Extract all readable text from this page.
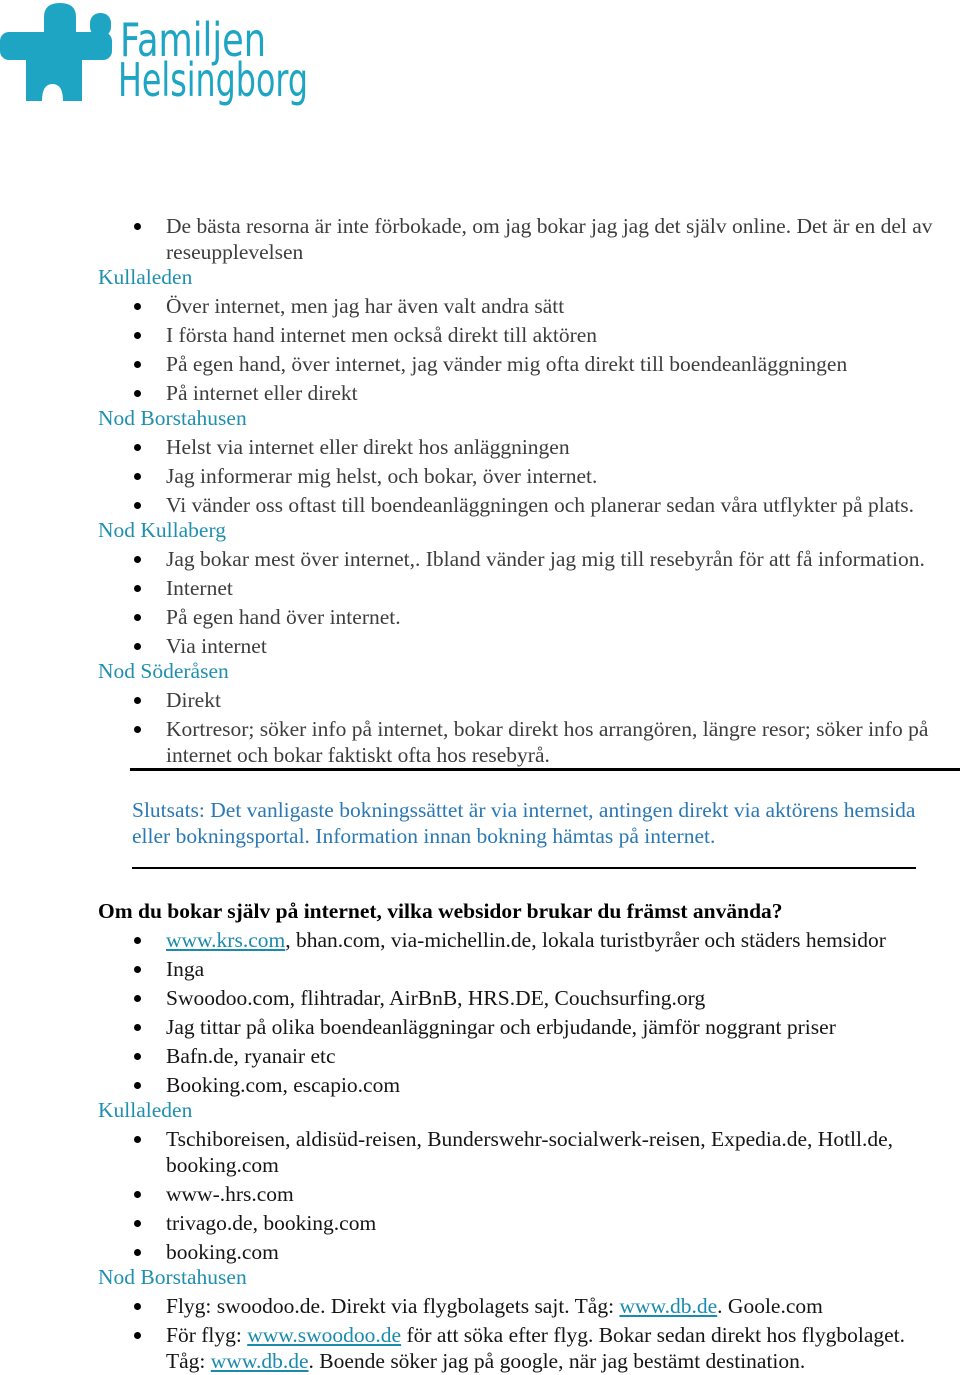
Familjen
Helsingborg
De bästa resorna är inte förbokade, om jag bokar jag jag det själv online. Det är en del av
reseupplevelsen
Kullaleden
Över internet, men jag har även valt andra sätt
I första hand internet men också direkt till aktören
På egen hand, över internet, jag vänder mig ofta direkt till boendeanläggningen
På internet eller direkt
Nod Borstahusen
Helst via internet eller direkt hos anläggningen
Jag informerar mig helst, och bokar, över internet.
Vi vänder oss oftast till boendeanläggningen och planerar sedan våra utflykter på plats.
Nod Kullaberg
Jag bokar mest över internet,. Ibland vänder jag mig till resebyrån för att få information.
Internet
På egen hand över internet.
Via internet
Nod Söderåsen
Direkt
Kortresor; söker info på internet, bokar direkt hos arrangören, längre resor; söker info på
internet och bokar faktiskt ofta hos resebyrå.
Slutsats: Det vanligaste bokningssättet är via internet, antingen direkt via aktörens hemsida
eller bokningsportal. Information innan bokning hämtas på internet.
Om du bokar själv på internet, vilka websidor brukar du främst använda?
www.krs.com, bhan.com, via-michellin.de, lokala turistbyråer och städers hemsidor
Inga
Swoodoo.com, flihtradar, AirBnB, HRS.DE, Couchsurfing.org
Jag tittar på olika boendeanläggningar och erbjudande, jämför noggrant priser
Bafn.de, ryanair etc
Booking.com, escapio.com
Kullaleden
Tschiboreisen, aldisüd-reisen, Bunderswehr-socialwerk-reisen, Expedia.de, Hotll.de,
booking.com
www-.hrs.com
trivago.de, booking.com
booking.com
Nod Borstahusen
Flyg: swoodoo.de. Direkt via flygbolagets sajt. Tåg: www.db.de. Goole.com
För flyg: www.swoodoo.de för att söka efter flyg. Bokar sedan direkt hos flygbolaget.
Tåg: www.db.de. Boende söker jag på google, när jag bestämt destination.
